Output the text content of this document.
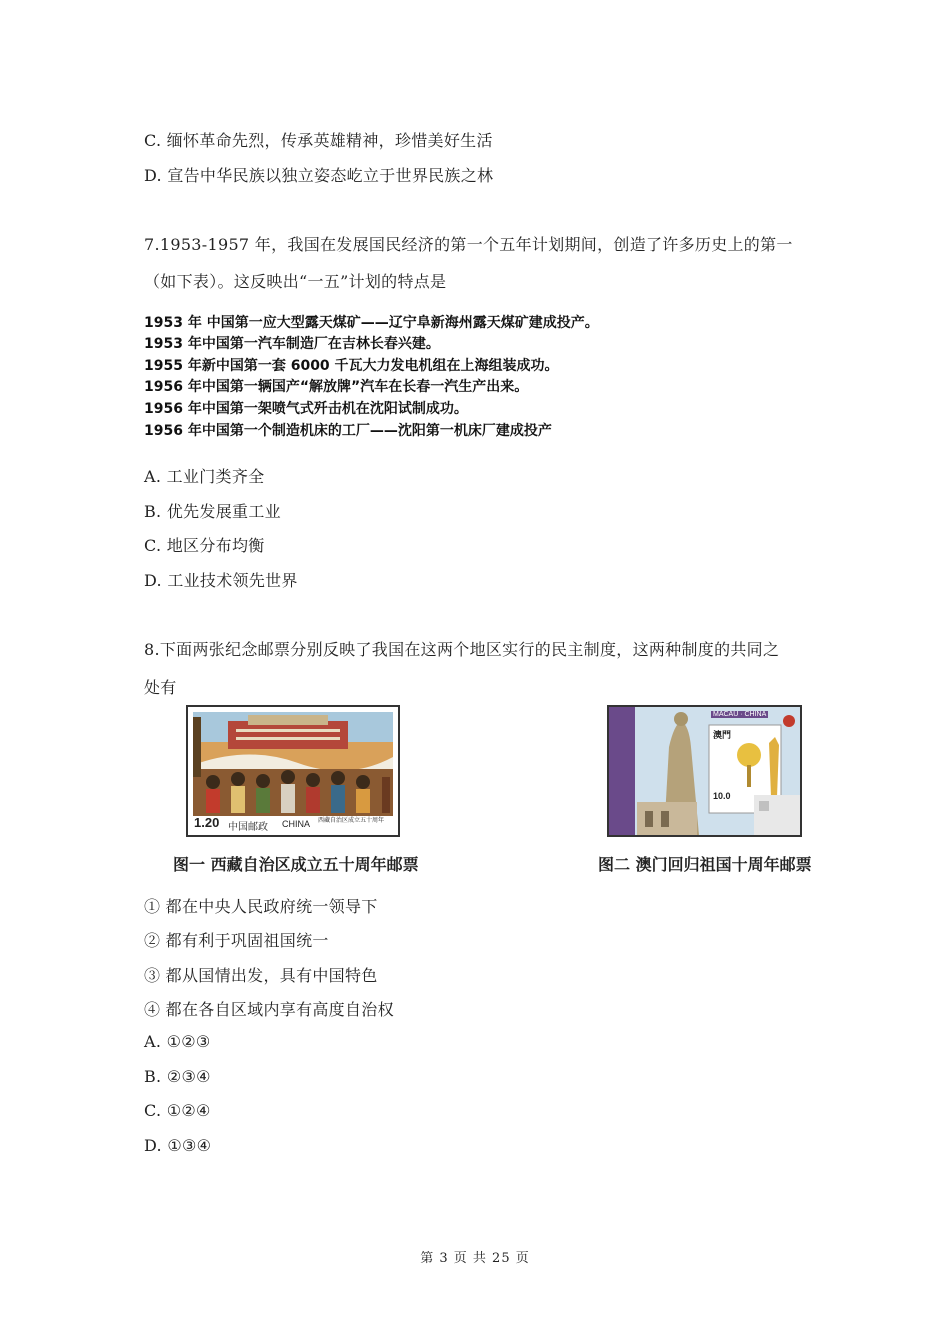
C. 缅怀革命先烈，传承英雄精神，珍惜美好生活
D. 宣告中华民族以独立姿态屹立于世界民族之林
7.1953-1957 年，我国在发展国民经济的第一个五年计划期间，创造了许多历史上的第一
（如下表）。这反映出“一五”计划的特点是
1953 年 中国第一应大型露天煤矿——辽宁阜新海州露天煤矿建成投产。
1953 年中国第一汽车制造厂在吉林长春兴建。
1955 年新中国第一套 6000 千瓦大力发电机组在上海组装成功。
1956 年中国第一辆国产“解放牌”汽车在长春一汽生产出来。
1956 年中国第一架喷气式歼击机在沈阳试制成功。
1956 年中国第一个制造机床的工厂——沈阳第一机床厂建成投产
A. 工业门类齐全
B. 优先发展重工业
C. 地区分布均衡
D. 工业技术领先世界
8.下面两张纪念邮票分别反映了我国在这两个地区实行的民主制度，这两种制度的共同之
处有
1.20 中国邮政 CHINA 西藏自治区成立五十周年
MACAU · CHINA
澳門
10.0
图一 西藏自治区成立五十周年邮票	图二 澳门回归祖国十周年邮票
① 都在中央人民政府统一领导下
② 都有利于巩固祖国统一
③ 都从国情出发，具有中国特色
④ 都在各自区域内享有高度自治权
A. ①②③
B. ②③④
C. ①②④
D. ①③④
第 3 页 共 25 页
